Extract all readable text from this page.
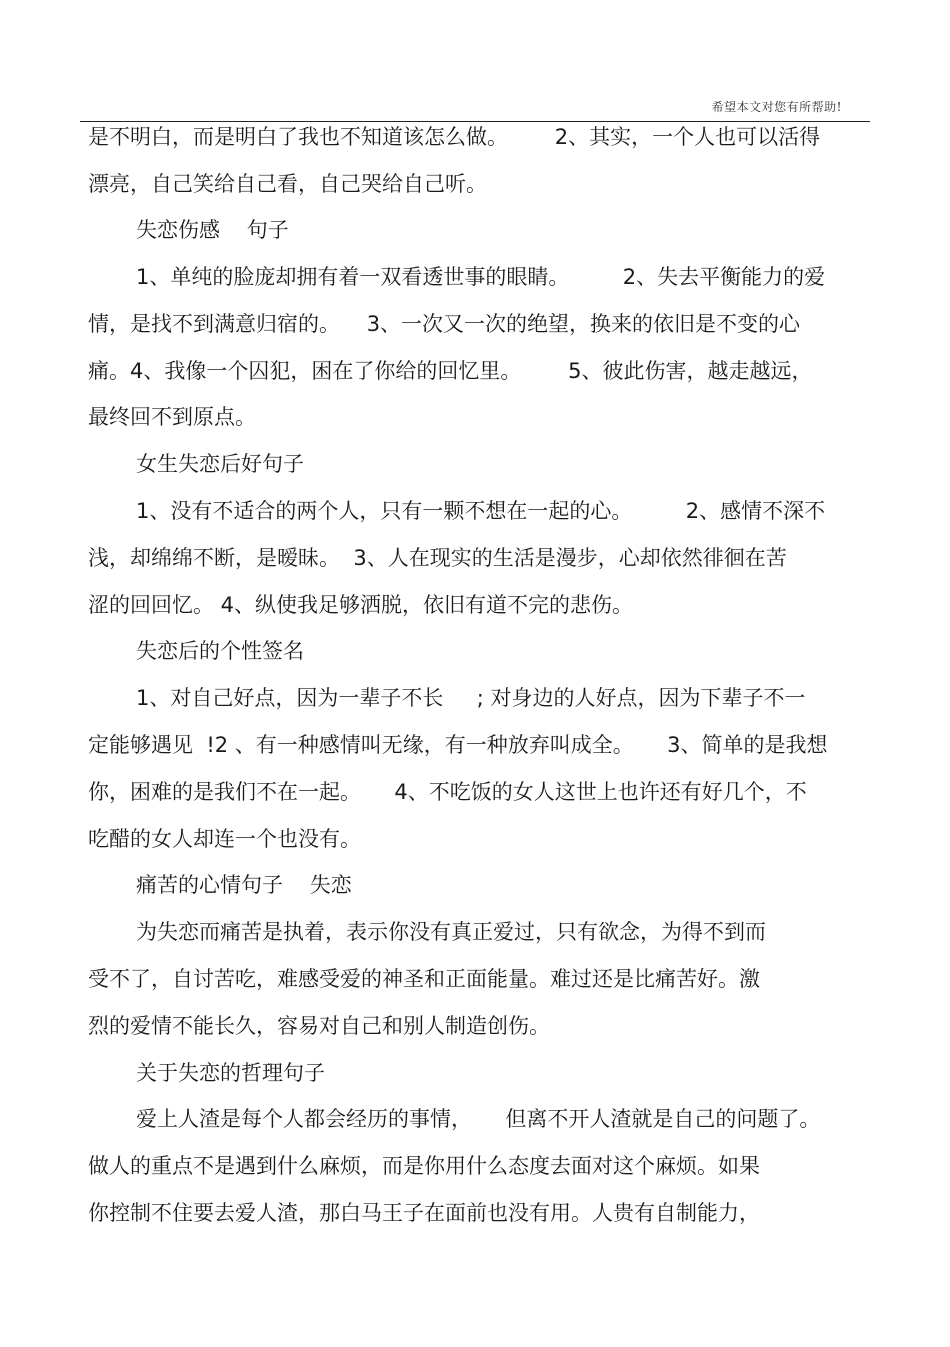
希望本文对您有所帮助!
是不明白，而是明白了我也不知道该怎么做。       2、其实，一个人也可以活得
漂亮，自己笑给自己看，自己哭给自己听。
失恋伤感    句子
1、单纯的脸庞却拥有着一双看透世事的眼睛。        2、失去平衡能力的爱
情，是找不到满意归宿的。    3、一次又一次的绝望，换来的依旧是不变的心
痛。4、我像一个囚犯，困在了你给的回忆里。       5、彼此伤害，越走越远，
最终回不到原点。
女生失恋后好句子
1、没有不适合的两个人，只有一颗不想在一起的心。        2、感情不深不
浅，却绵绵不断，是暧昧。  3、人在现实的生活是漫步，心却依然徘徊在苦
涩的回回忆。 4、纵使我足够洒脱，依旧有道不完的悲伤。
失恋后的个性签名
1、对自己好点，因为一辈子不长     ; 对身边的人好点，因为下辈子不一
定能够遇见  !2 、有一种感情叫无缘，有一种放弃叫成全。     3、简单的是我想
你，困难的是我们不在一起。     4、不吃饭的女人这世上也许还有好几个，不
吃醋的女人却连一个也没有。
痛苦的心情句子    失恋
为失恋而痛苦是执着，表示你没有真正爱过，只有欲念，为得不到而
受不了，自讨苦吃，难感受爱的神圣和正面能量。难过还是比痛苦好。激
烈的爱情不能长久，容易对自己和别人制造创伤。
关于失恋的哲理句子
爱上人渣是每个人都会经历的事情，     但离不开人渣就是自己的问题了。
做人的重点不是遇到什么麻烦，而是你用什么态度去面对这个麻烦。如果
你控制不住要去爱人渣，那白马王子在面前也没有用。人贵有自制能力，
